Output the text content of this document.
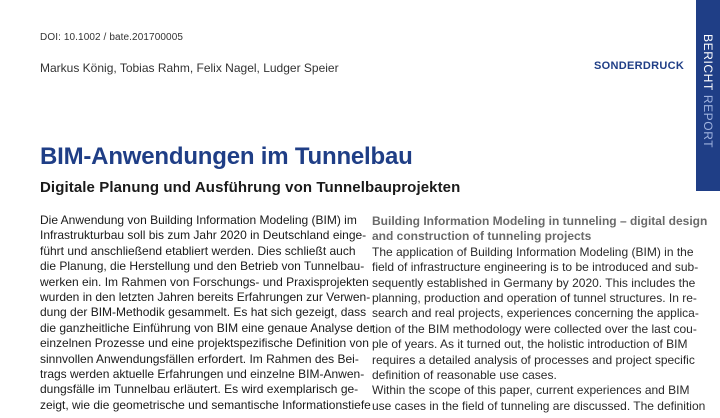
DOI: 10.1002 / bate.201700005
Markus König, Tobias Rahm, Felix Nagel, Ludger Speier	SONDERDRUCK BERICHT REPORT
BIM-Anwendungen im Tunnelbau
Digitale Planung und Ausführung von Tunnelbauprojekten
Die Anwendung von Building Information Modeling (BIM) im
Infrastrukturbau soll bis zum Jahr 2020 in Deutschland einge-
führt und anschließend etabliert werden. Dies schließt auch
die Planung, die Herstellung und den Betrieb von Tunnelbau-
werken ein. Im Rahmen von Forschungs- und Praxisprojekten
wurden in den letzten Jahren bereits Erfahrungen zur Verwen-
dung der BIM-Methodik gesammelt. Es hat sich gezeigt, dass
die ganzheitliche Einführung von BIM eine genaue Analyse der
einzelnen Prozesse und eine projektspezifische Definition von
sinnvollen Anwendungsfällen erfordert. Im Rahmen des Bei-
trags werden aktuelle Erfahrungen und einzelne BIM-Anwen-
dungsfälle im Tunnelbau erläutert. Es wird exemplarisch ge-
zeigt, wie die geometrische und semantische Informationstiefe
Building Information Modeling in tunneling – digital design
and construction of tunneling projects
The application of Building Information Modeling (BIM) in the
field of infrastructure engineering is to be introduced and sub-
sequently established in Germany by 2020. This includes the
planning, production and operation of tunnel structures. In re-
search and real projects, experiences concerning the applica-
tion of the BIM methodology were collected over the last cou-
ple of years. As it turned out, the holistic introduction of BIM
requires a detailed analysis of processes and project specific
definition of reasonable use cases.
Within the scope of this paper, current experiences and BIM
use cases in the field of tunneling are discussed. The definition
